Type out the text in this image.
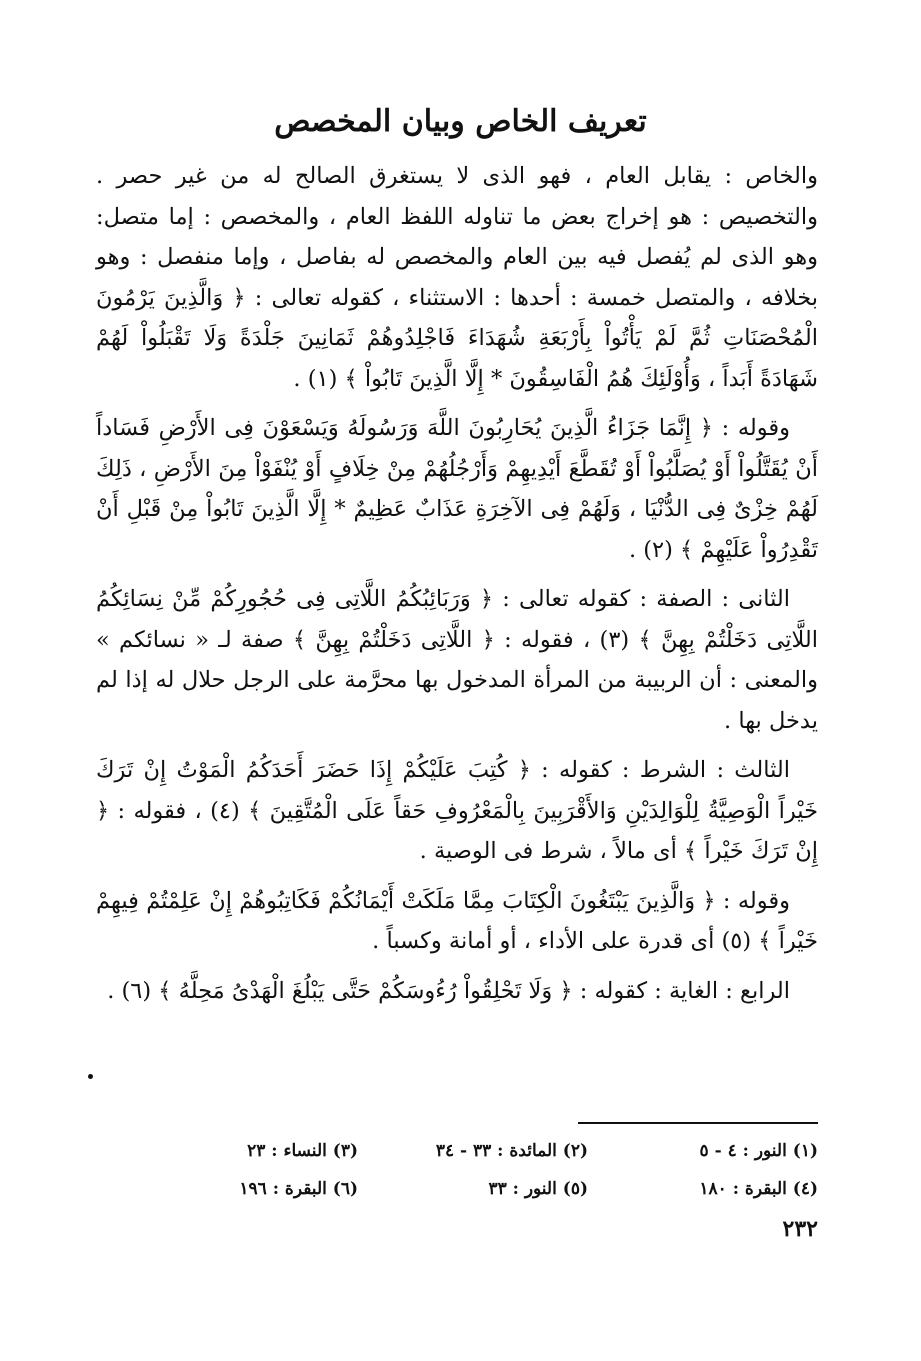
تعريف الخاص وبيان المخصص

والخاص : يقابل العام ، فهو الذى لا يستغرق الصالح له من غير حصر . والتخصيص : هو إخراج بعض ما تناوله اللفظ العام ، والمخصص : إما متصل: وهو الذى لم يُفصل فيه بين العام والمخصص له بفاصل ، وإما منفصل : وهو بخلافه ، والمتصل خمسة : أحدها : الاستثناء ، كقوله تعالى : ﴿ وَالَّذِينَ يَرْمُونَ الْمُحْصَنَاتِ ثُمَّ لَمْ يَأْتُواْ بِأَرْبَعَةِ شُهَدَاءَ فَاجْلِدُوهُمْ ثَمَانِينَ جَلْدَةً وَلَا تَقْبَلُواْ لَهُمْ شَهَادَةً أَبَداً ، وَأُوْلَئِكَ هُمُ الْفَاسِقُونَ * إِلَّا الَّذِينَ تَابُواْ ﴾ (١) .

وقوله : ﴿ إِنَّمَا جَزَاءُ الَّذِينَ يُحَارِبُونَ اللَّهَ وَرَسُولَهُ وَيَسْعَوْنَ فِى الأَرْضِ فَسَاداً أَنْ يُقَتَّلُواْ أَوْ يُصَلَّبُواْ أَوْ تُقَطَّعَ أَيْدِيهِمْ وَأَرْجُلُهُمْ مِنْ خِلَافٍ أَوْ يُنْفَوْاْ مِنَ الأَرْضِ ، ذَلِكَ لَهُمْ خِزْىٌ فِى الدُّنْيَا ، وَلَهُمْ فِى الآخِرَةِ عَذَابٌ عَظِيمٌ * إِلَّا الَّذِينَ تَابُواْ مِنْ قَبْلِ أَنْ تَقْدِرُواْ عَلَيْهِمْ ﴾ (٢) .

الثانى : الصفة : كقوله تعالى : ﴿ وَرَبَائِبُكُمُ اللَّاتِى فِى حُجُورِكُمْ مِّنْ نِسَائِكُمُ اللَّاتِى دَخَلْتُمْ بِهِنَّ ﴾ (٣) ، فقوله : ﴿ اللَّاتِى دَخَلْتُمْ بِهِنَّ ﴾ صفة لـ « نسائكم » والمعنى : أن الربيبة من المرأة المدخول بها محرَّمة على الرجل حلال له إذا لم يدخل بها .

الثالث : الشرط : كقوله : ﴿ كُتِبَ عَلَيْكُمْ إِذَا حَضَرَ أَحَدَكُمُ الْمَوْتُ إِنْ تَرَكَ خَيْراً الْوَصِيَّةُ لِلْوَالِدَيْنِ وَالأَقْرَبِينَ بِالْمَعْرُوفِ حَقاً عَلَى الْمُتَّقِينَ ﴾ (٤) ، فقوله : ﴿ إِنْ تَرَكَ خَيْراً ﴾ أى مالاً ، شرط فى الوصية .

وقوله : ﴿ وَالَّذِينَ يَبْتَغُونَ الْكِتَابَ مِمَّا مَلَكَتْ أَيْمَانُكُمْ فَكَاتِبُوهُمْ إِنْ عَلِمْتُمْ فِيهِمْ خَيْراً ﴾ (٥) أى قدرة على الأداء ، أو أمانة وكسباً .

الرابع : الغاية : كقوله : ﴿ وَلَا تَحْلِقُواْ رُءُوسَكُمْ حَتَّى يَبْلُغَ الْهَدْىُ مَحِلَّهُ ﴾ (٦) .

(١) النور : ٤ - ٥
(٢) المائدة : ٣٣ - ٣٤
(٣) النساء : ٢٣
(٤) البقرة : ١٨٠
(٥) النور : ٣٣
(٦) البقرة : ١٩٦
٢٣٢
